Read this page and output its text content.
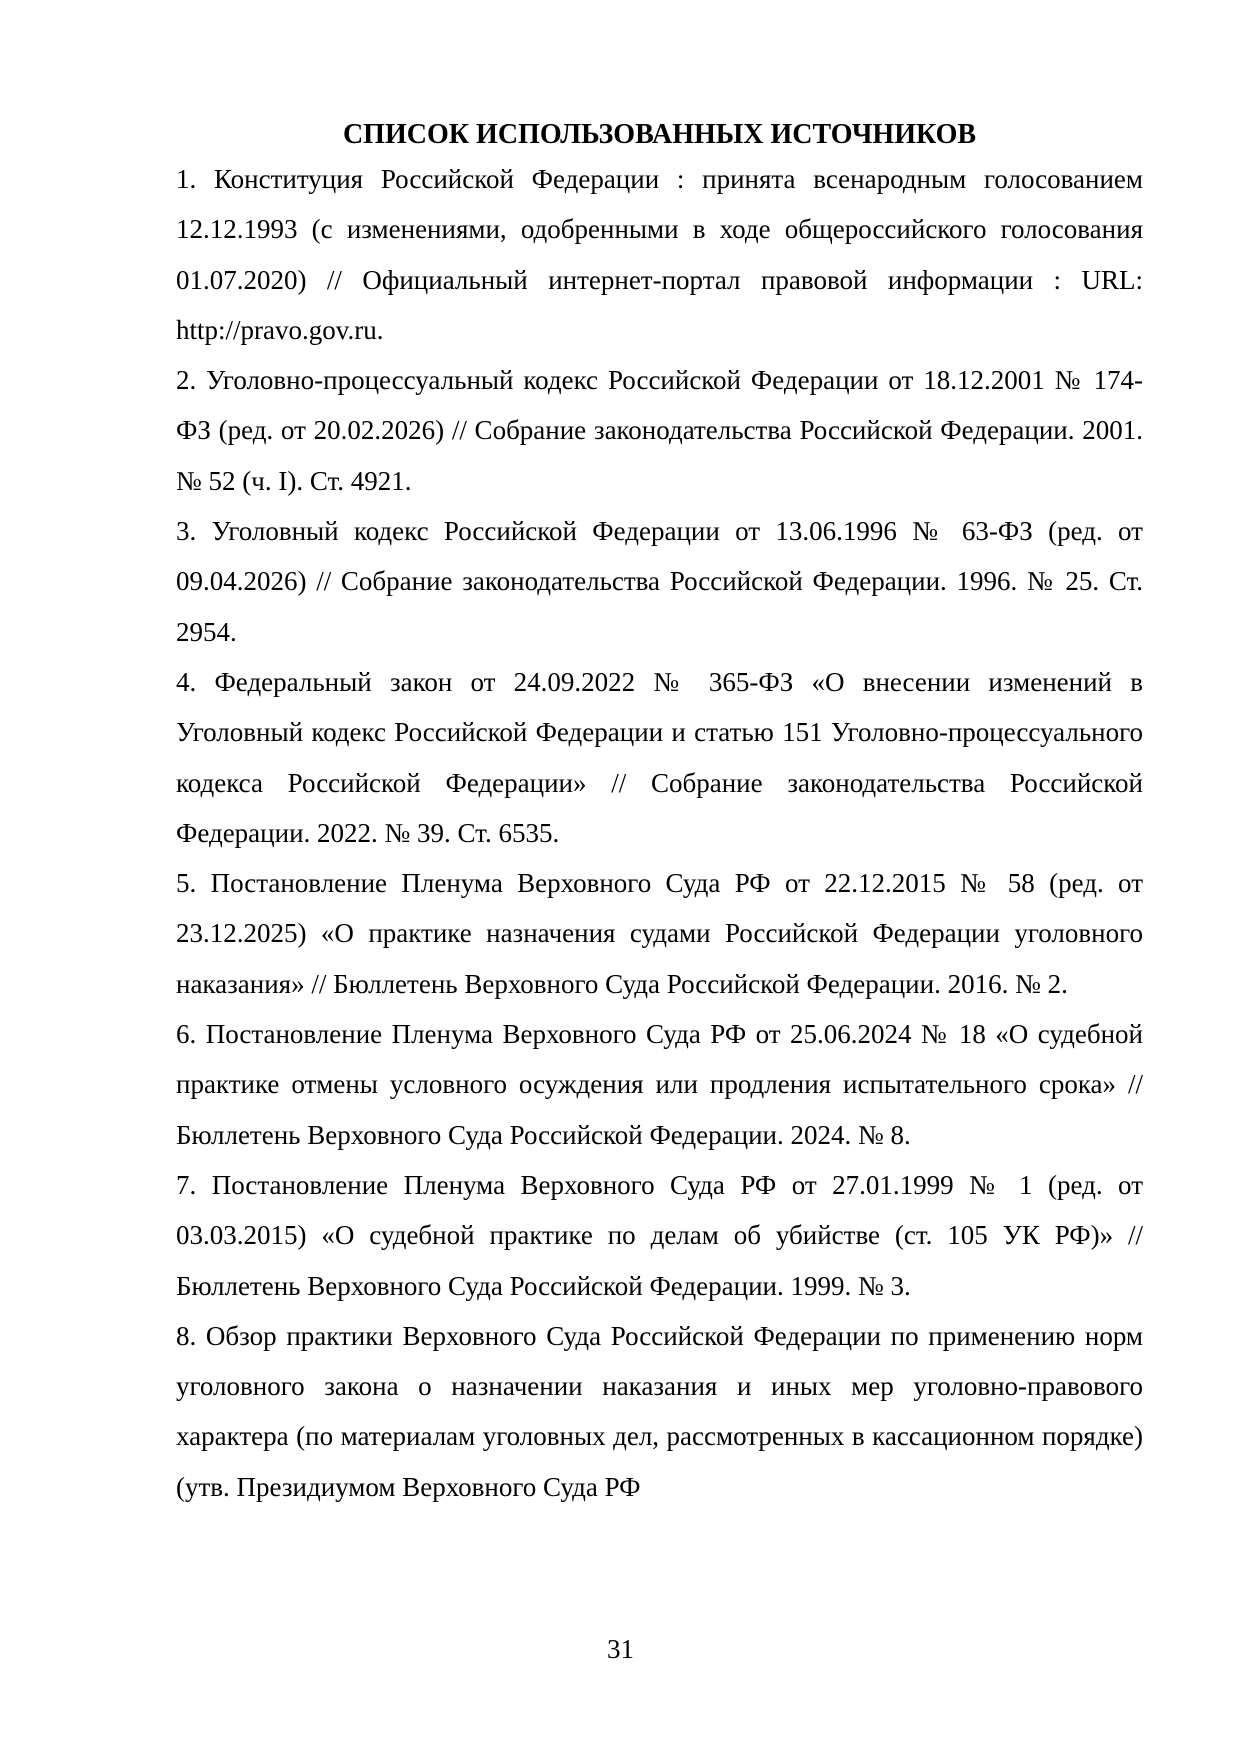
СПИСОК ИСПОЛЬЗОВАННЫХ ИСТОЧНИКОВ
1. Конституция Российской Федерации : принята всенародным голосованием 12.12.1993 (с изменениями, одобренными в ходе общероссийского голосования 01.07.2020) // Официальный интернет-портал правовой информации : URL: http://pravo.gov.ru.
2. Уголовно-процессуальный кодекс Российской Федерации от 18.12.2001 № 174-ФЗ (ред. от 20.02.2026) // Собрание законодательства Российской Федерации. 2001. № 52 (ч. I). Ст. 4921.
3. Уголовный кодекс Российской Федерации от 13.06.1996 № 63-ФЗ (ред. от 09.04.2026) // Собрание законодательства Российской Федерации. 1996. № 25. Ст. 2954.
4. Федеральный закон от 24.09.2022 № 365-ФЗ «О внесении изменений в Уголовный кодекс Российской Федерации и статью 151 Уголовно-процессуального кодекса Российской Федерации» // Собрание законодательства Российской Федерации. 2022. № 39. Ст. 6535.
5. Постановление Пленума Верховного Суда РФ от 22.12.2015 № 58 (ред. от 23.12.2025) «О практике назначения судами Российской Федерации уголовного наказания» // Бюллетень Верховного Суда Российской Федерации. 2016. № 2.
6. Постановление Пленума Верховного Суда РФ от 25.06.2024 № 18 «О судебной практике отмены условного осуждения или продления испытательного срока» // Бюллетень Верховного Суда Российской Федерации. 2024. № 8.
7. Постановление Пленума Верховного Суда РФ от 27.01.1999 № 1 (ред. от 03.03.2015) «О судебной практике по делам об убийстве (ст. 105 УК РФ)» // Бюллетень Верховного Суда Российской Федерации. 1999. № 3.
8. Обзор практики Верховного Суда Российской Федерации по применению норм уголовного закона о назначении наказания и иных мер уголовно-правового характера (по материалам уголовных дел, рассмотренных в кассационном порядке) (утв. Президиумом Верховного Суда РФ
31
